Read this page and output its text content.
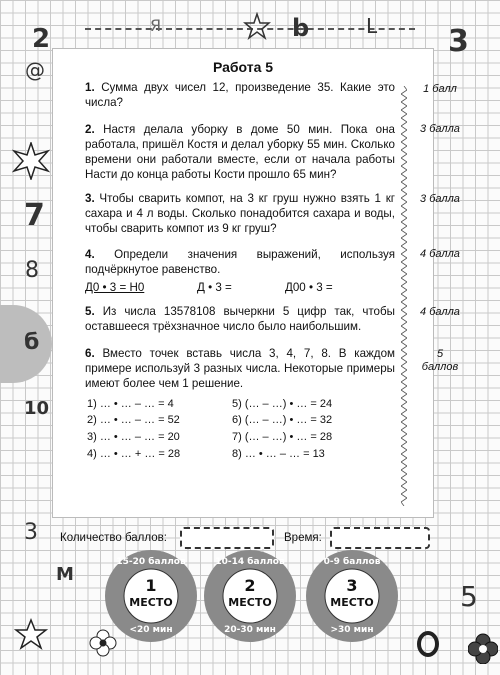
2	Я	b	L 3
@
7
8
б
10
3
M
5
Работа 5
1. Сумма двух чисел 12, произведение 35. Какие это числа?
1 балл
2. Настя делала уборку в доме 50 мин. Пока она работала, пришёл Костя и делал уборку 55 мин. Сколько времени они работали вместе, если от начала работы Насти до конца работы Кости прошло 65 мин?
3 балла
3. Чтобы сварить компот, на 3 кг груш нужно взять 1 кг сахара и 4 л воды. Сколько понадобится сахара и воды, чтобы сварить компот из 9 кг груш?
3 балла
4. Определи значения выражений, используя подчёркнутое равенство.
4 балла
Д0 • 3 = Н0	Д • 3 =	Д00 • 3 =
5. Из числа 13578108 вычеркни 5 цифр так, чтобы оставшееся трёхзначное число было наибольшим.
4 балла
6. Вместо точек вставь числа 3, 4, 7, 8. В каждом примере используй 3 разных числа. Некоторые примеры имеют более чем 1 решение.
5 баллов
1) … • … – … = 4
2) … • … – … = 52
3) … • … – … = 20
4) … • … + … = 28
5) (… – …) • … = 24
6) (… – …) • … = 32
7) (… – …) • … = 28
8) … • … – … = 13
Количество баллов:	Время:
15-20 баллов
1
МЕСТО
<20 мин
10-14 баллов
2
МЕСТО
20-30 мин
0-9 баллов
3
МЕСТО
>30 мин
